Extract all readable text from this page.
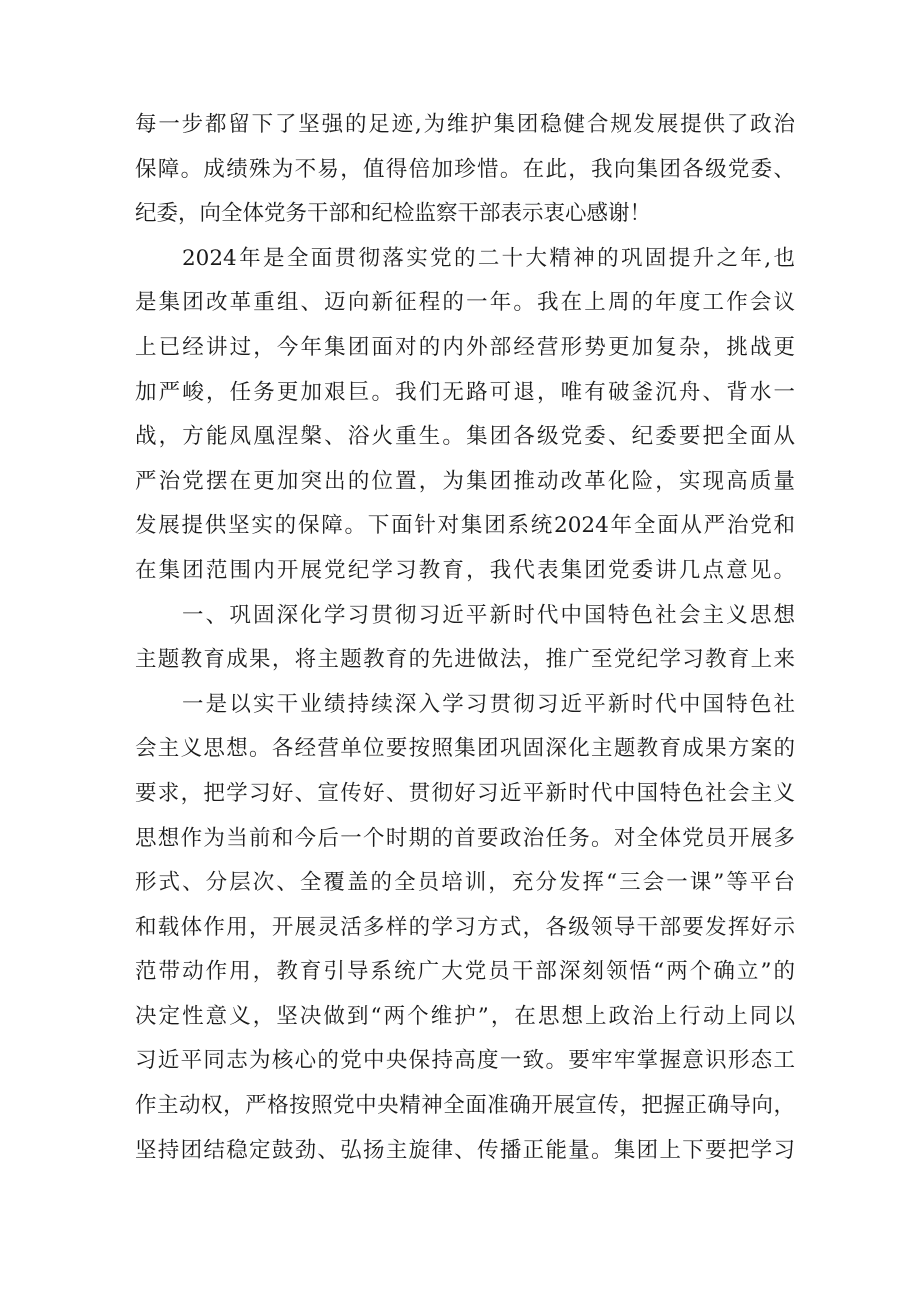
每一步都留下了坚强的足迹,为维护集团稳健合规发展提供了政治
保障。成绩殊为不易，值得倍加珍惜。在此，我向集团各级党委、
纪委，向全体党务干部和纪检监察干部表示衷心感谢！
2024年是全面贯彻落实党的二十大精神的巩固提升之年,也
是集团改革重组、迈向新征程的一年。我在上周的年度工作会议
上已经讲过，今年集团面对的内外部经营形势更加复杂，挑战更
加严峻，任务更加艰巨。我们无路可退，唯有破釜沉舟、背水一
战，方能凤凰涅槃、浴火重生。集团各级党委、纪委要把全面从
严治党摆在更加突出的位置，为集团推动改革化险，实现高质量
发展提供坚实的保障。下面针对集团系统2024年全面从严治党和
在集团范围内开展党纪学习教育，我代表集团党委讲几点意见。
一、巩固深化学习贯彻习近平新时代中国特色社会主义思想
主题教育成果，将主题教育的先进做法，推广至党纪学习教育上来
一是以实干业绩持续深入学习贯彻习近平新时代中国特色社
会主义思想。各经营单位要按照集团巩固深化主题教育成果方案的
要求，把学习好、宣传好、贯彻好习近平新时代中国特色社会主义
思想作为当前和今后一个时期的首要政治任务。对全体党员开展多
形式、分层次、全覆盖的全员培训，充分发挥“三会一课”等平台
和载体作用，开展灵活多样的学习方式，各级领导干部要发挥好示
范带动作用，教育引导系统广大党员干部深刻领悟“两个确立”的
决定性意义，坚决做到“两个维护”，在思想上政治上行动上同以
习近平同志为核心的党中央保持高度一致。要牢牢掌握意识形态工
作主动权，严格按照党中央精神全面准确开展宣传，把握正确导向，
坚持团结稳定鼓劲、弘扬主旋律、传播正能量。集团上下要把学习
